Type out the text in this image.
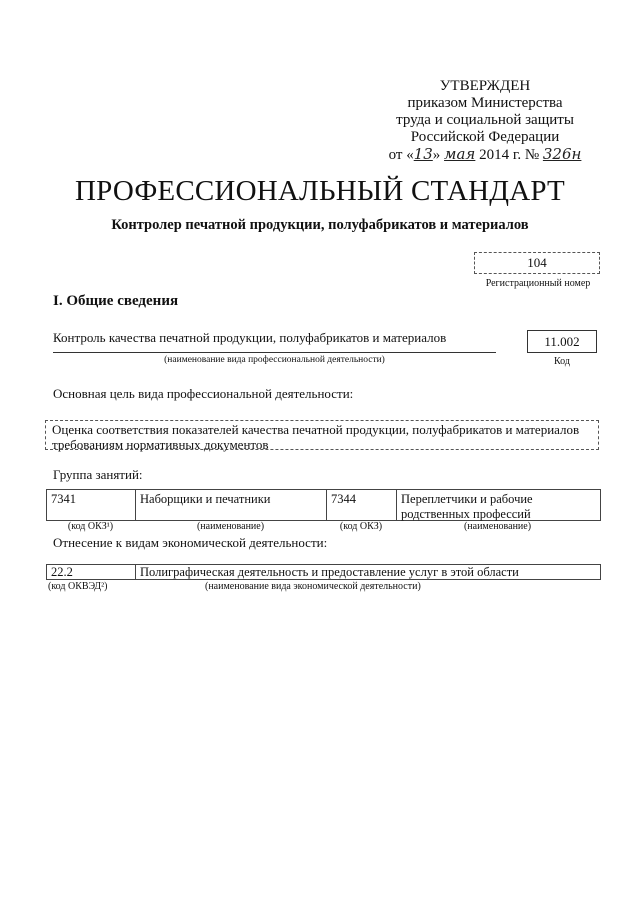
УТВЕРЖДЕН
приказом Министерства
труда и социальной защиты
Российской Федерации
от «13» мая 2014 г. № 326н
ПРОФЕССИОНАЛЬНЫЙ СТАНДАРТ
Контролер печатной продукции, полуфабрикатов и материалов
104
Регистрационный номер
I. Общие сведения
Контроль качества печатной продукции, полуфабрикатов и материалов
(наименование вида профессиональной деятельности)
11.002
Код
Основная цель вида профессиональной деятельности:
Оценка соответствия показателей качества печатной продукции, полуфабрикатов и материалов требованиям нормативных документов
Группа занятий:
7341	Наборщики и печатники	7344	Переплетчики и рабочие родственных профессий
(код ОКЗ¹)	(наименование)	(код ОКЗ)	(наименование)
Отнесение к видам экономической деятельности:
22.2	Полиграфическая деятельность и предоставление услуг в этой области
(код ОКВЭД²)	(наименование вида экономической деятельности)
